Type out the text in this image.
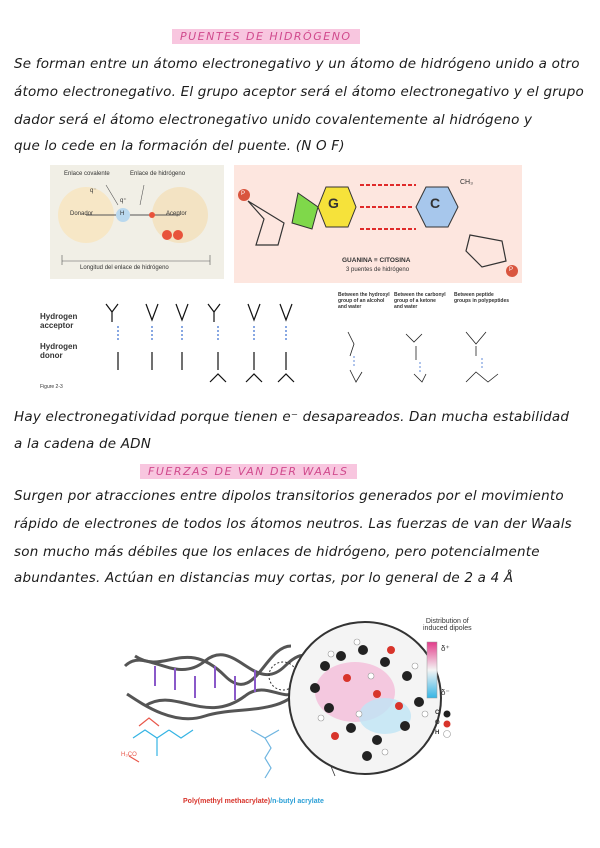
PUENTES DE HIDRÓGENO
Se forman entre un átomo electronegativo y un átomo de hidrógeno unido a otro
átomo electronegativo. El grupo aceptor será el átomo electronegativo y el grupo
dador será el átomo electronegativo unido covalentemente al hidrógeno y
que lo cede en la formación del puente. (N O F)
Enlace covalente	Enlace de hidrógeno
q⁻
q⁺
Donador	H	Aceptor
Longitud del enlace de hidrógeno
G	C
CH₃
P
P
GUANINA ≡ CITOSINA
3 puentes de hidrógeno
Hydrogen
acceptor
Hydrogen
donor
Figure 2-3
Between the hydroxyl group of an alcohol and water
Between the carbonyl group of a ketone and water
Between peptide groups in polypeptides
Hay electronegatividad porque tienen e⁻ desapareados. Dan mucha estabilidad
a la cadena de ADN
FUERZAS DE VAN DER WAALS
Surgen por atracciones entre dipolos transitorios generados por el movimiento
rápido de electrones de todos los átomos neutros. Las fuerzas de van der Waals
son mucho más débiles que los enlaces de hidrógeno, pero potencialmente
abundantes. Actúan en distancias muy cortas, por lo general de 2 a 4 Å
Distribution of
induced dipoles
δ⁺
δ⁻
C
O
H
H₃CO
Poly(methyl methacrylate)/n-butyl acrylate
